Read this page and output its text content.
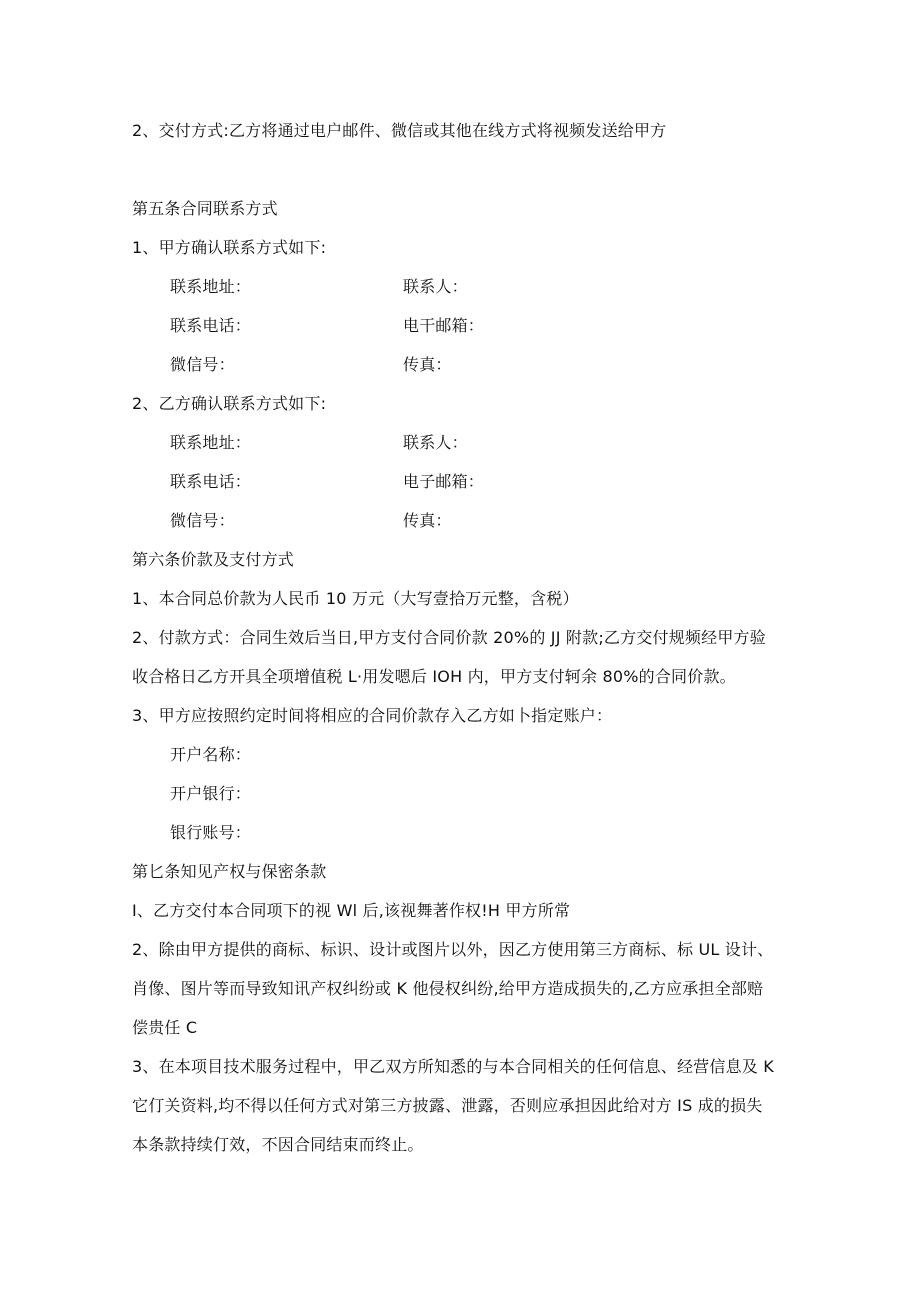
2、交付方式:乙方将通过电户邮件、微信或其他在线方式将视频发送给甲方
第五条合同联系方式
1、甲方确认联系方式如下:
联系地址：	联系人：
联系电话：	电干邮箱：
微信号：	传真：
2、乙方确认联系方式如下:
联系地址：	联系人：
联系电话：	电子邮箱：
微信号：	传真：
第六条价款及支付方式
1、本合同总价款为人民币 10 万元（大写壹拾万元整，含税）
2、付款方式：合同生效后当日,甲方支付合同价款 20%的 JJ 附款;乙方交付规频经甲方验
收合格日乙方开具全项增值税 L·用发嗯后 IOH 内，甲方支付轲余 80%的合同价款。
3、甲方应按照约定时间将相应的合同价款存入乙方如卜指定账户：
开户名称：
开户银行：
银行账号：
第匕条知见产权与保密条款
I、乙方交付本合同项下的视 Wl 后,该视舞著作权!H 甲方所常
2、除由甲方提供的商标、标识、设计或图片以外，因乙方使用第三方商标、标 UL 设计、
肖像、图片等而导致知讯产权纠纷或 K 他侵权纠纷,给甲方造成损失的,乙方应承担全部赔
偿贵任 C
3、在本项目技术服务过程中，甲乙双方所知悉的与本合同相关的任何信息、经营信息及 K
它仃关资料,均不得以任何方式对第三方披露、泄露，否则应承担因此给对方 IS 成的损失
本条款持续仃效，不因合同结束而终止。
